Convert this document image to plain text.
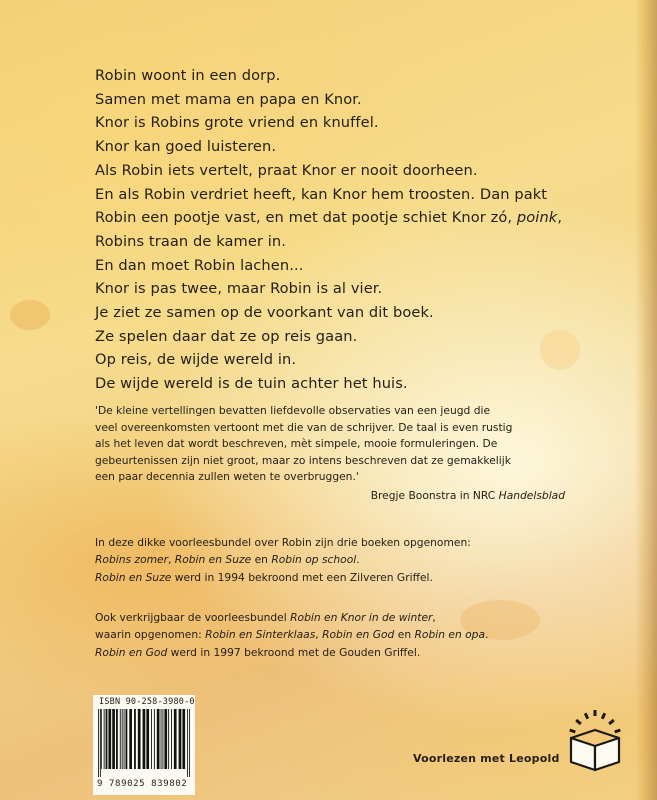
Robin woont in een dorp.
Samen met mama en papa en Knor.
Knor is Robins grote vriend en knuffel.
Knor kan goed luisteren.
Als Robin iets vertelt, praat Knor er nooit doorheen.
En als Robin verdriet heeft, kan Knor hem troosten. Dan pakt
Robin een pootje vast, en met dat pootje schiet Knor zó, poink,
Robins traan de kamer in.
En dan moet Robin lachen...
Knor is pas twee, maar Robin is al vier.
Je ziet ze samen op de voorkant van dit boek.
Ze spelen daar dat ze op reis gaan.
Op reis, de wijde wereld in.
De wijde wereld is de tuin achter het huis.
'De kleine vertellingen bevatten liefdevolle observaties van een jeugd die
veel overeenkomsten vertoont met die van de schrijver. De taal is even rustig
als het leven dat wordt beschreven, mèt simpele, mooie formuleringen. De
gebeurtenissen zijn niet groot, maar zo intens beschreven dat ze gemakkelijk
een paar decennia zullen weten te overbruggen.'
Bregje Boonstra in NRC Handelsblad
In deze dikke voorleesbundel over Robin zijn drie boeken opgenomen:
Robins zomer, Robin en Suze en Robin op school.
Robin en Suze werd in 1994 bekroond met een Zilveren Griffel.
Ook verkrijgbaar de voorleesbundel Robin en Knor in de winter,
waarin opgenomen: Robin en Sinterklaas, Robin en God en Robin en opa.
Robin en God werd in 1997 bekroond met de Gouden Griffel.
ISBN 90-258-3980-0
9 789025 839802
Voorlezen met Leopold
